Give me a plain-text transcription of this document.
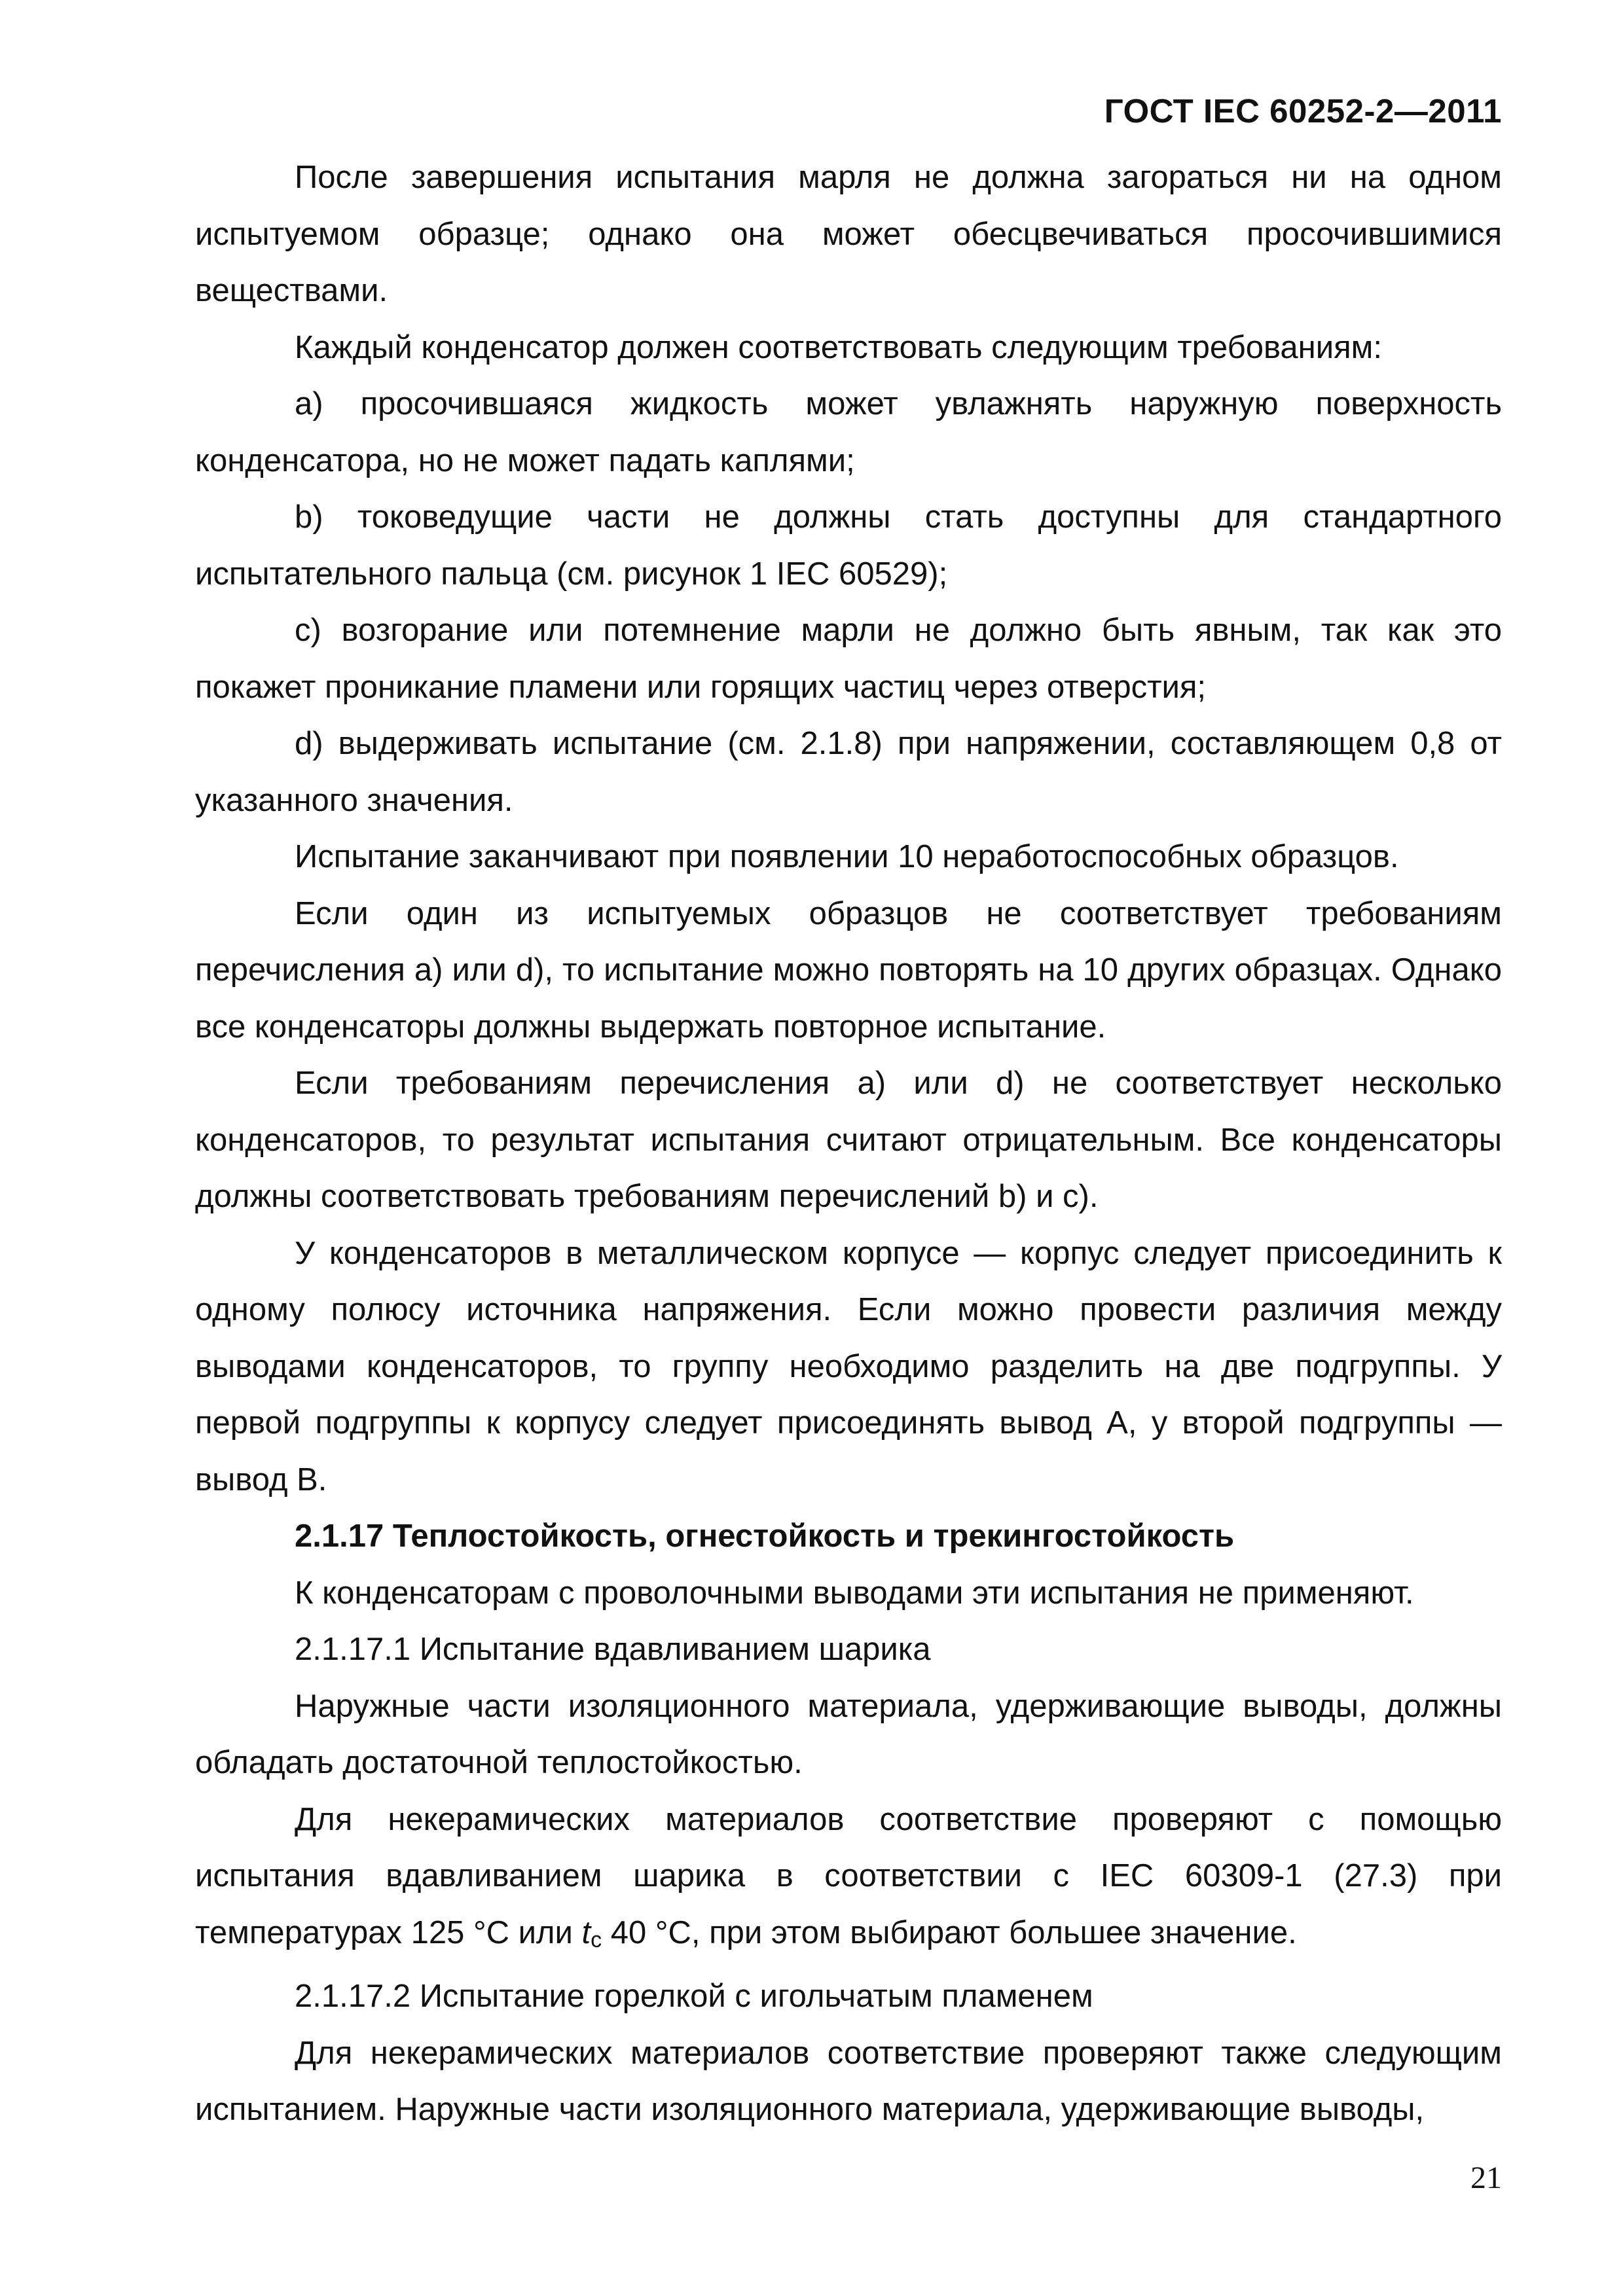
ГОСТ IEC 60252-2—2011

После завершения испытания марля не должна загораться ни на одном испытуемом образце; однако она может обесцвечиваться просочившимися веществами.

Каждый конденсатор должен соответствовать следующим требованиям:

а) просочившаяся жидкость может увлажнять наружную поверхность конденсатора, но не может падать каплями;

b) токоведущие части не должны стать доступны для стандартного испытательного пальца (см. рисунок 1 IEC 60529);

c) возгорание или потемнение марли не должно быть явным, так как это покажет проникание пламени или горящих частиц через отверстия;

d) выдерживать испытание (см. 2.1.8) при напряжении, составляющем 0,8 от указанного значения.

Испытание заканчивают при появлении 10 неработоспособных образцов.

Если один из испытуемых образцов не соответствует требованиям перечисления a) или d), то испытание можно повторять на 10 других образцах. Однако все конденсаторы должны выдержать повторное испытание.

Если требованиям перечисления a) или d) не соответствует несколько конденсаторов, то результат испытания считают отрицательным. Все конденсаторы должны соответствовать требованиям перечислений b) и c).

У конденсаторов в металлическом корпусе — корпус следует присоединить к одному полюсу источника напряжения. Если можно провести различия между выводами конденсаторов, то группу необходимо разделить на две подгруппы. У первой подгруппы к корпусу следует присоединять вывод A, у второй подгруппы — вывод B.

2.1.17 Теплостойкость, огнестойкость и трекингостойкость

К конденсаторам с проволочными выводами эти испытания не применяют.

2.1.17.1 Испытание вдавливанием шарика

Наружные части изоляционного материала, удерживающие выводы, должны обладать достаточной теплостойкостью.

Для некерамических материалов соответствие проверяют с помощью испытания вдавливанием шарика в соответствии с IEC 60309-1 (27.3) при температурах 125 °С или $t_c$ 40 °С, при этом выбирают большее значение.

2.1.17.2 Испытание горелкой с игольчатым пламенем

Для некерамических материалов соответствие проверяют также следующим испытанием. Наружные части изоляционного материала, удерживающие выводы,

21
